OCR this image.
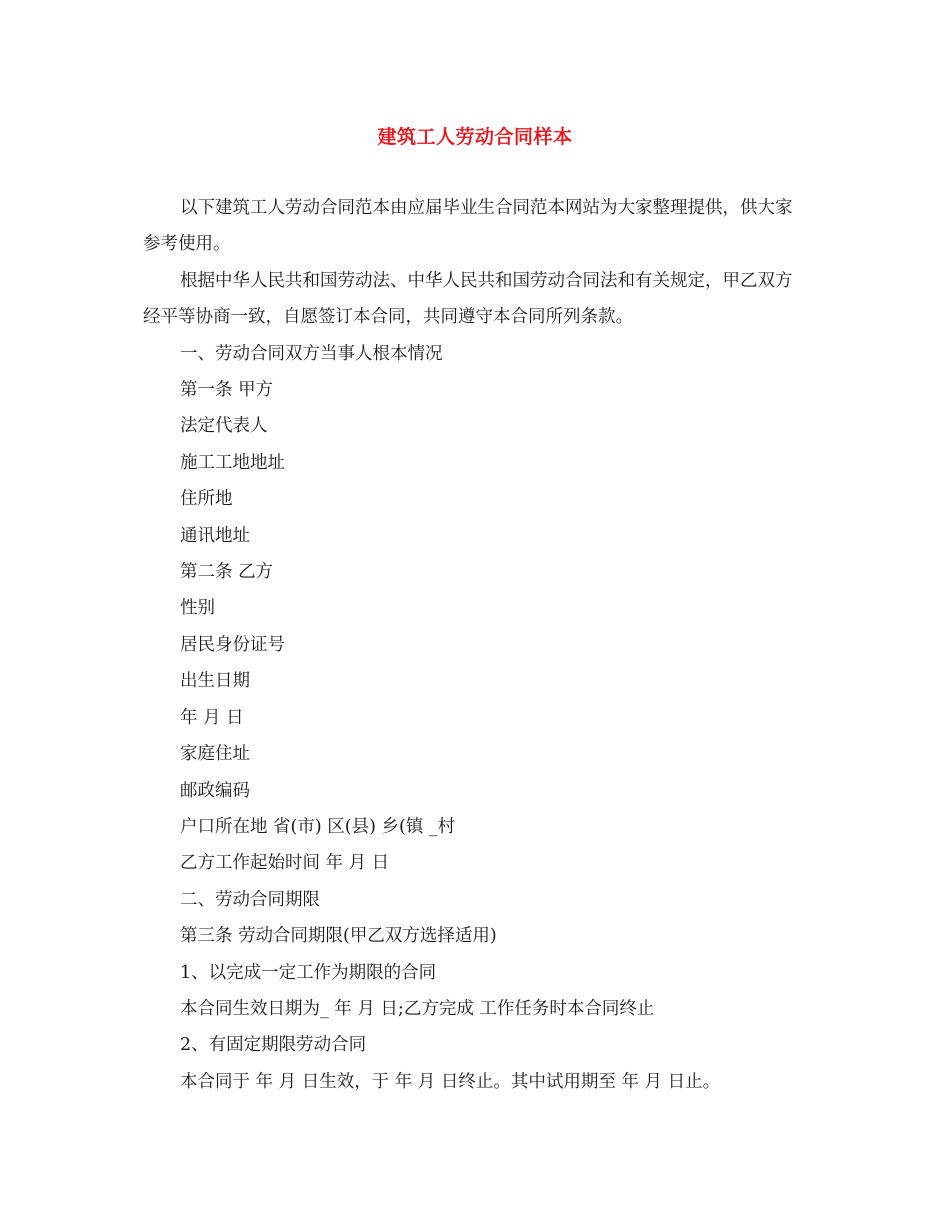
建筑工人劳动合同样本

以下建筑工人劳动合同范本由应届毕业生合同范本网站为大家整理提供，供大家参考使用。

根据中华人民共和国劳动法、中华人民共和国劳动合同法和有关规定，甲乙双方经平等协商一致，自愿签订本合同，共同遵守本合同所列条款。

一、劳动合同双方当事人根本情况

第一条 甲方

法定代表人

施工工地地址

住所地

通讯地址

第二条 乙方

性别

居民身份证号

出生日期

年 月 日

家庭住址

邮政编码

户口所在地 省(市) 区(县) 乡(镇 _村

乙方工作起始时间 年 月 日

二、劳动合同期限

第三条 劳动合同期限(甲乙双方选择适用)

1、以完成一定工作为期限的合同

本合同生效日期为_ 年 月 日;乙方完成 工作任务时本合同终止

2、有固定期限劳动合同

本合同于 年 月 日生效，于 年 月 日终止。其中试用期至 年 月 日止。
